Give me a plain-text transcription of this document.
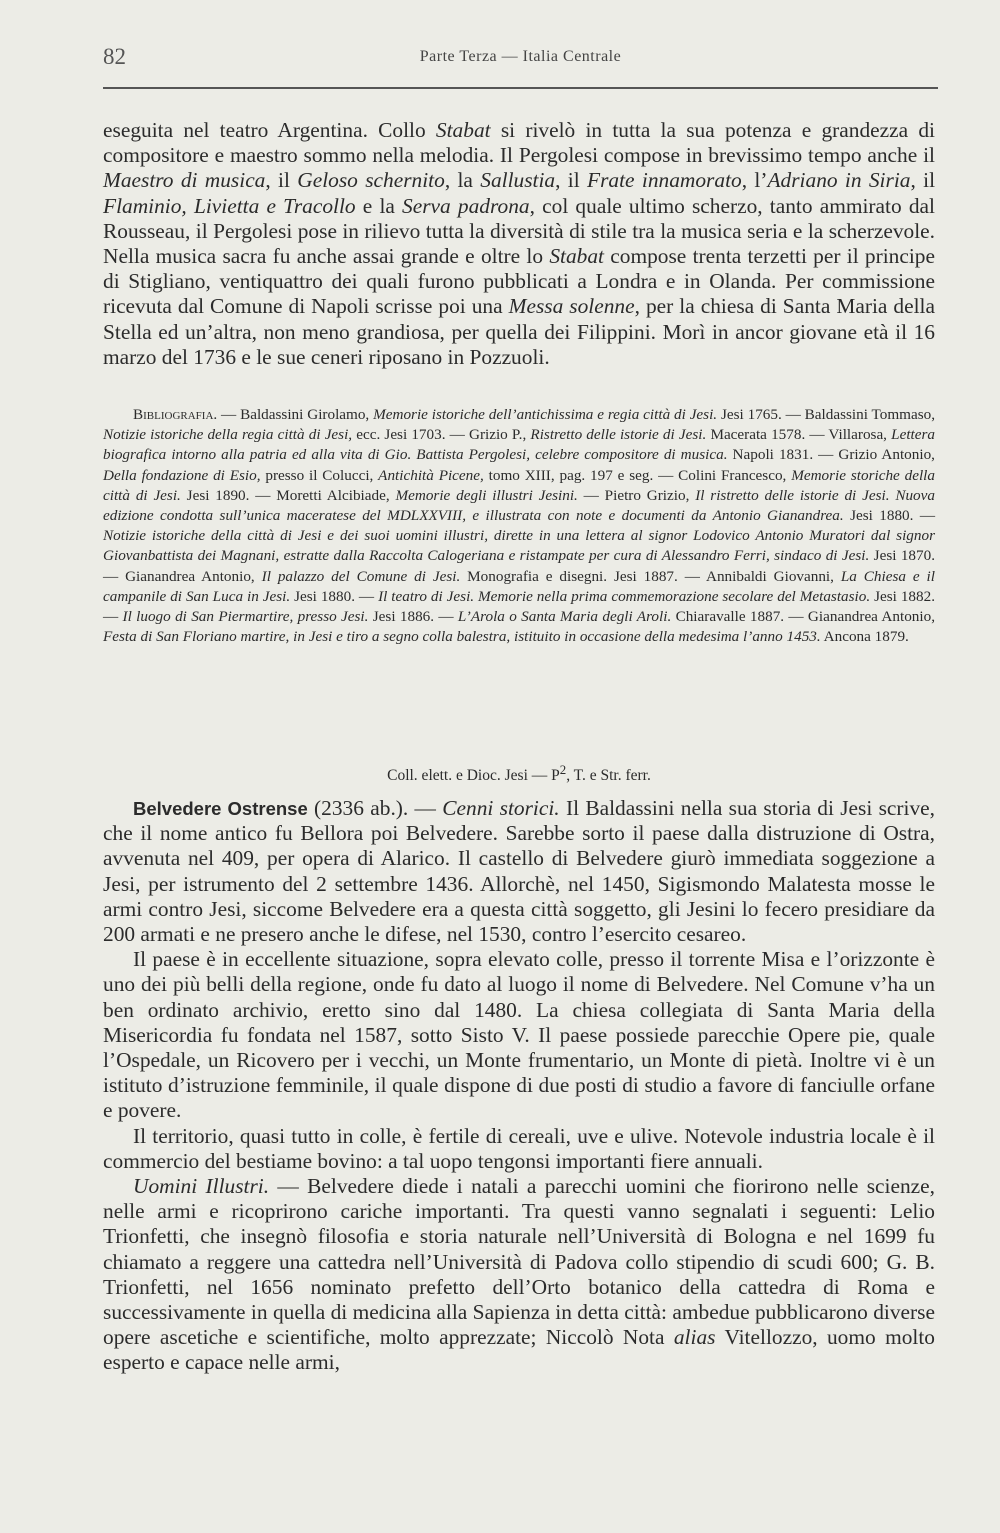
82	Parte Terza — Italia Centrale

eseguita nel teatro Argentina. Collo Stabat si rivelò in tutta la sua potenza e grandezza di compositore e maestro sommo nella melodia. Il Pergolesi compose in brevissimo tempo anche il Maestro di musica, il Geloso schernito, la Sallustia, il Frate innamorato, l’Adriano in Siria, il Flaminio, Livietta e Tracollo e la Serva padrona, col quale ultimo scherzo, tanto ammirato dal Rousseau, il Pergolesi pose in rilievo tutta la diversità di stile tra la musica seria e la scherzevole. Nella musica sacra fu anche assai grande e oltre lo Stabat compose trenta terzetti per il principe di Stigliano, ventiquattro dei quali furono pubblicati a Londra e in Olanda. Per commissione ricevuta dal Comune di Napoli scrisse poi una Messa solenne, per la chiesa di Santa Maria della Stella ed un’altra, non meno grandiosa, per quella dei Filippini. Morì in ancor giovane età il 16 marzo del 1736 e le sue ceneri riposano in Pozzuoli.

Bibliografia. — Baldassini Girolamo, Memorie istoriche dell’antichissima e regia città di Jesi. Jesi 1765. — Baldassini Tommaso, Notizie istoriche della regia città di Jesi, ecc. Jesi 1703. — Grizio P., Ristretto delle istorie di Jesi. Macerata 1578. — Villarosa, Lettera biografica intorno alla patria ed alla vita di Gio. Battista Pergolesi, celebre compositore di musica. Napoli 1831. — Grizio Antonio, Della fondazione di Esio, presso il Colucci, Antichità Picene, tomo XIII, pag. 197 e seg. — Colini Francesco, Memorie storiche della città di Jesi. Jesi 1890. — Moretti Alcibiade, Memorie degli illustri Jesini. — Pietro Grizio, Il ristretto delle istorie di Jesi. Nuova edizione condotta sull’unica maceratese del MDLXXVIII, e illustrata con note e documenti da Antonio Gianandrea. Jesi 1880. — Notizie istoriche della città di Jesi e dei suoi uomini illustri, dirette in una lettera al signor Lodovico Antonio Muratori dal signor Giovanbattista dei Magnani, estratte dalla Raccolta Calogeriana e ristampate per cura di Alessandro Ferri, sindaco di Jesi. Jesi 1870. — Gianandrea Antonio, Il palazzo del Comune di Jesi. Monografia e disegni. Jesi 1887. — Annibaldi Giovanni, La Chiesa e il campanile di San Luca in Jesi. Jesi 1880. — Il teatro di Jesi. Memorie nella prima commemorazione secolare del Metastasio. Jesi 1882. — Il luogo di San Piermartire, presso Jesi. Jesi 1886. — L’Arola o Santa Maria degli Aroli. Chiaravalle 1887. — Gianandrea Antonio, Festa di San Floriano martire, in Jesi e tiro a segno colla balestra, istituito in occasione della medesima l’anno 1453. Ancona 1879.

Coll. elett. e Dioc. Jesi — $P^2$, T. e Str. ferr.

Belvedere Ostrense (2336 ab.). — Cenni storici. Il Baldassini nella sua storia di Jesi scrive, che il nome antico fu Bellora poi Belvedere. Sarebbe sorto il paese dalla distruzione di Ostra, avvenuta nel 409, per opera di Alarico. Il castello di Belvedere giurò immediata soggezione a Jesi, per istrumento del 2 settembre 1436. Allorchè, nel 1450, Sigismondo Malatesta mosse le armi contro Jesi, siccome Belvedere era a questa città soggetto, gli Jesini lo fecero presidiare da 200 armati e ne presero anche le difese, nel 1530, contro l’esercito cesareo.

Il paese è in eccellente situazione, sopra elevato colle, presso il torrente Misa e l’orizzonte è uno dei più belli della regione, onde fu dato al luogo il nome di Belvedere. Nel Comune v’ha un ben ordinato archivio, eretto sino dal 1480. La chiesa collegiata di Santa Maria della Misericordia fu fondata nel 1587, sotto Sisto V. Il paese possiede parecchie Opere pie, quale l’Ospedale, un Ricovero per i vecchi, un Monte frumentario, un Monte di pietà. Inoltre vi è un istituto d’istruzione femminile, il quale dispone di due posti di studio a favore di fanciulle orfane e povere.

Il territorio, quasi tutto in colle, è fertile di cereali, uve e ulive. Notevole industria locale è il commercio del bestiame bovino: a tal uopo tengonsi importanti fiere annuali.

Uomini Illustri. — Belvedere diede i natali a parecchi uomini che fiorirono nelle scienze, nelle armi e ricoprirono cariche importanti. Tra questi vanno segnalati i seguenti: Lelio Trionfetti, che insegnò filosofia e storia naturale nell’Università di Bologna e nel 1699 fu chiamato a reggere una cattedra nell’Università di Padova collo stipendio di scudi 600; G. B. Trionfetti, nel 1656 nominato prefetto dell’Orto botanico della cattedra di Roma e successivamente in quella di medicina alla Sapienza in detta città: ambedue pubblicarono diverse opere ascetiche e scientifiche, molto apprezzate; Niccolò Nota alias Vitellozzo, uomo molto esperto e capace nelle armi,
